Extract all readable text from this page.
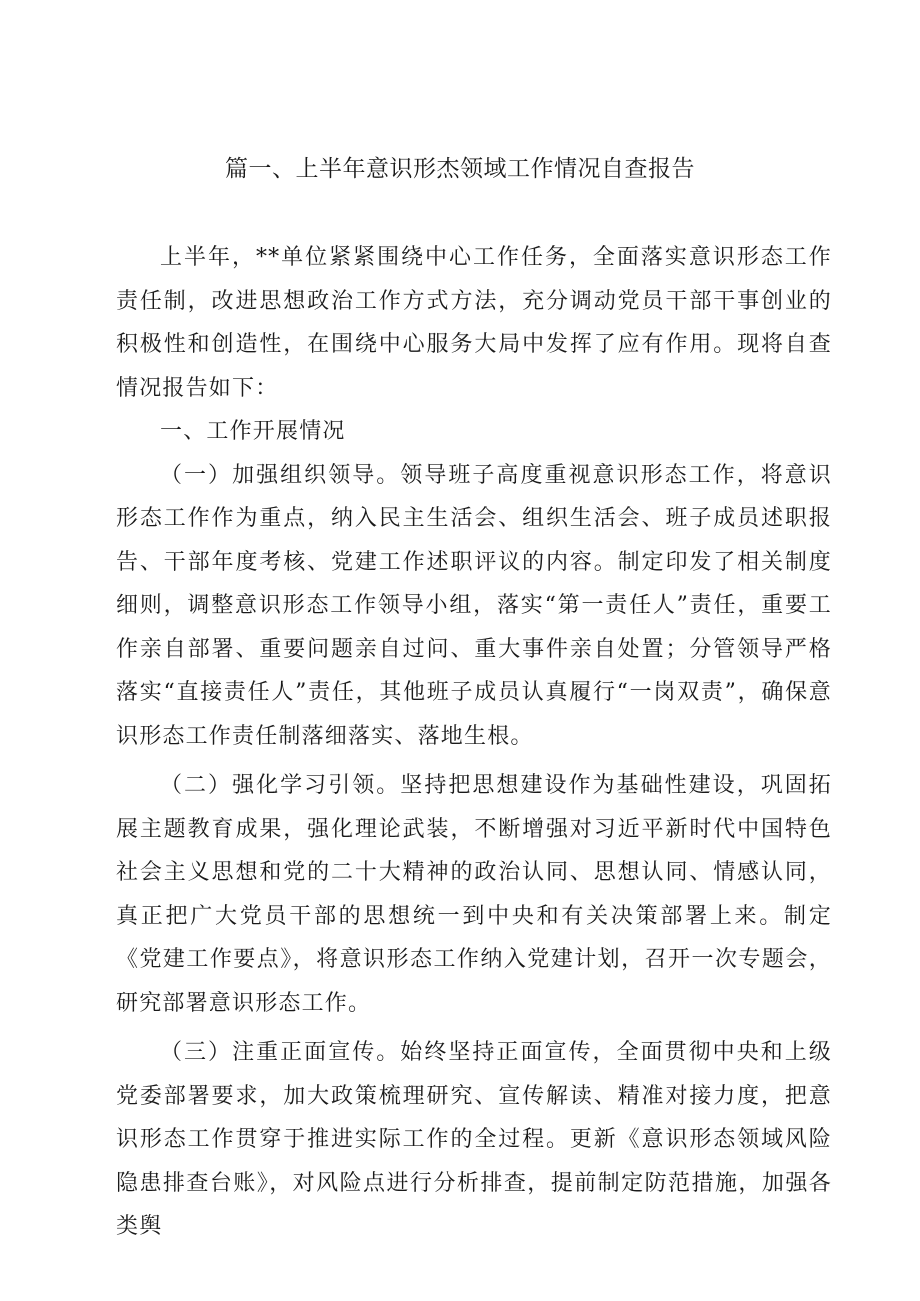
篇一、上半年意识形杰领域工作情况自查报告

上半年，**单位紧紧围绕中心工作任务，全面落实意识形态工作责任制，改进思想政治工作方式方法，充分调动党员干部干事创业的积极性和创造性，在围绕中心服务大局中发挥了应有作用。现将自查情况报告如下：

一、工作开展情况

（一）加强组织领导。领导班子高度重视意识形态工作，将意识形态工作作为重点，纳入民主生活会、组织生活会、班子成员述职报告、干部年度考核、党建工作述职评议的内容。制定印发了相关制度细则，调整意识形态工作领导小组，落实“第一责任人”责任，重要工作亲自部署、重要问题亲自过问、重大事件亲自处置；分管领导严格落实“直接责任人”责任，其他班子成员认真履行“一岗双责”，确保意识形态工作责任制落细落实、落地生根。

（二）强化学习引领。坚持把思想建设作为基础性建设，巩固拓展主题教育成果，强化理论武装，不断增强对习近平新时代中国特色社会主义思想和党的二十大精神的政治认同、思想认同、情感认同，真正把广大党员干部的思想统一到中央和有关决策部署上来。制定《党建工作要点》，将意识形态工作纳入党建计划，召开一次专题会，研究部署意识形态工作。

（三）注重正面宣传。始终坚持正面宣传，全面贯彻中央和上级党委部署要求，加大政策梳理研究、宣传解读、精准对接力度，把意识形态工作贯穿于推进实际工作的全过程。更新《意识形态领域风险隐患排查台账》，对风险点进行分析排查，提前制定防范措施，加强各类舆
